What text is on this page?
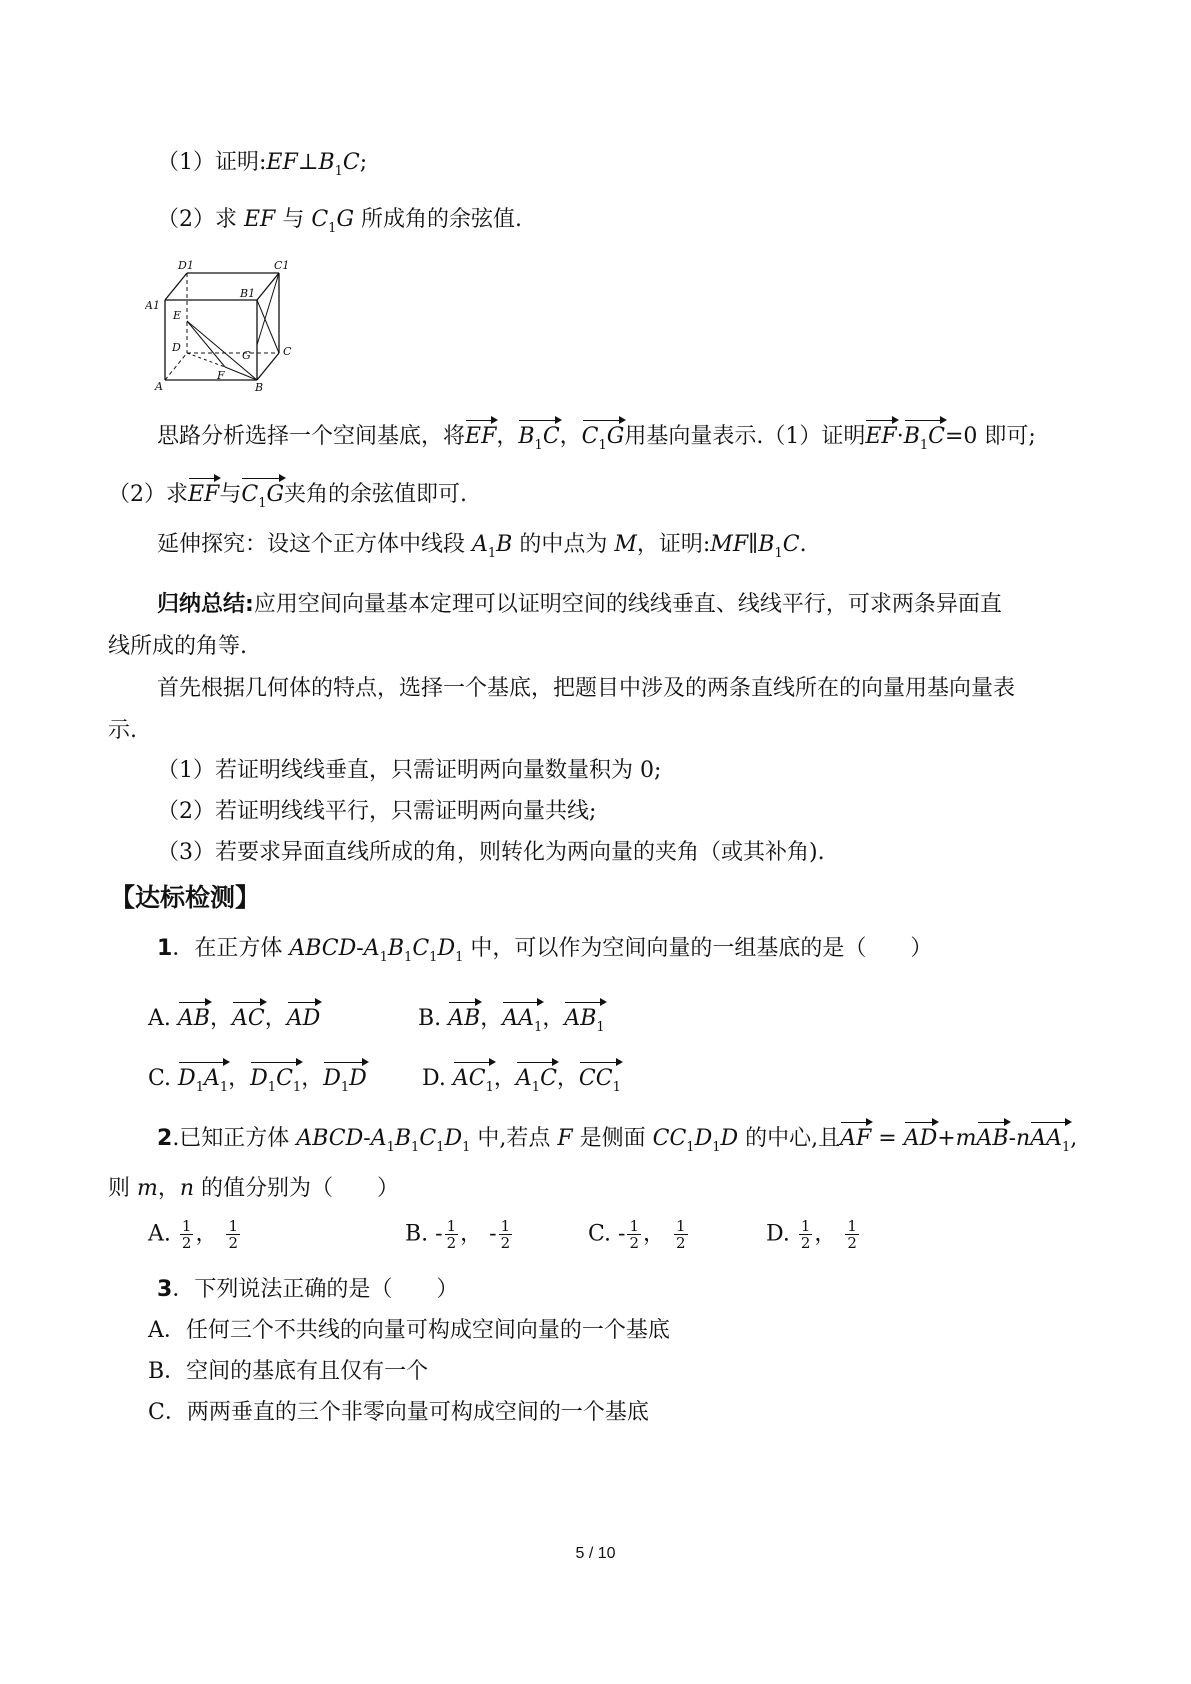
（1）证明$:EF\perp B_1C$;
（2）求 EF 与 $C_1G$ 所成角的余弦值.
D1	C1
A1
B1
E
D	C
G
F
A	B
思路分析选择一个空间基底，将EF，$B_1C$，$C_1G$用基向量表示.（1）证明$EF\cdot B_1C=0$ 即可;
（2）求EF与$C_1G$夹角的余弦值即可.
延伸探究：设这个正方体中线段 $A_1B$ 的中点为 M，证明$:MF\parallel B_1C$.
归纳总结:应用空间向量基本定理可以证明空间的线线垂直、线线平行，可求两条异面直
线所成的角等.
首先根据几何体的特点，选择一个基底，把题目中涉及的两条直线所在的向量用基向量表
示.
（1）若证明线线垂直，只需证明两向量数量积为 0;
（2）若证明线线平行，只需证明两向量共线;
（3）若要求异面直线所成的角，则转化为两向量的夹角（或其补角).
【达标检测】
1．在正方体 ABCD-$A_1B_1C_1D_1$ 中，可以作为空间向量的一组基底的是（　　）
A. AB，AC，AD	B. AB，$AA_1$，$AB_1$
C. $D_1A_1$，$D_1C_1$，$D_1D$	D. $AC_1$，$A_1C$，$CC_1$
2.已知正方体 ABCD-$A_1B_1C_1D_1$ 中,若点 F 是侧面 $CC_1D_1D$ 的中心,且AF = AD+mAB-nAA$_1$,
则 m，n 的值分别为（　　）
A. $\frac{1}{2}$ ， $\frac{1}{2}$	B. - $\frac{1}{2}$ ， - $\frac{1}{2}$	C. - $\frac{1}{2}$ ， $\frac{1}{2}$	D. $\frac{1}{2}$ ， $\frac{1}{2}$
3．下列说法正确的是（　　）
A．任何三个不共线的向量可构成空间向量的一个基底
B．空间的基底有且仅有一个
C．两两垂直的三个非零向量可构成空间的一个基底
5 / 10
